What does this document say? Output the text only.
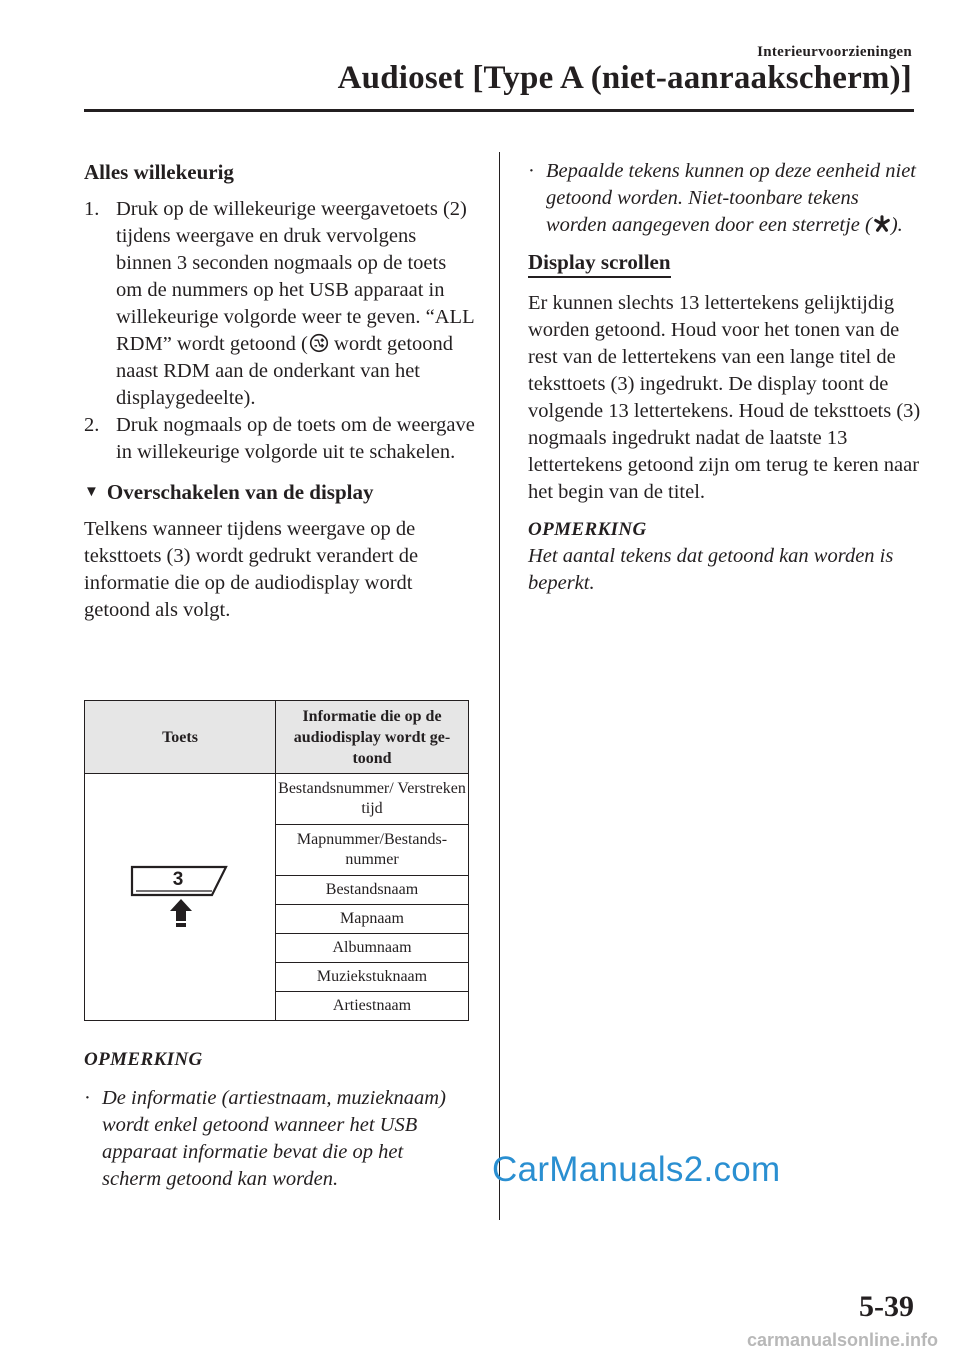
Interieurvoorzieningen
Audioset [Type A (niet-aanraakscherm)]

Alles willekeurig

1. Druk op de willekeurige weergavetoets (2) tijdens weergave en druk vervolgens binnen 3 seconden nogmaals op de toets om de nummers op het USB apparaat in willekeurige volgorde weer te geven. “ALL RDM” wordt getoond ( wordt getoond naast RDM aan de onderkant van het displaygedeelte).
2. Druk nogmaals op de toets om de weergave in willekeurige volgorde uit te schakelen.
▼ Overschakelen van de display

Telkens wanneer tijdens weergave op de teksttoets (3) wordt gedrukt verandert de informatie die op de audiodisplay wordt getoond als volgt.

Toets	Informatie die op de audiodisplay wordt ge-toond

3	Bestandsnummer/ Verstreken tijd
	Mapnummer/Bestands-nummer
	Bestandsnaam
	Mapnaam
	Albumnaam
	Muziekstuknaam
	Artiestnaam
OPMERKING
· De informatie (artiestnaam, muzieknaam) wordt enkel getoond wanneer het USB apparaat informatie bevat die op het scherm getoond kan worden.
· Bepaalde tekens kunnen op deze eenheid niet getoond worden. Niet-toonbare tekens worden aangegeven door een sterretje ( ).
Display scrollen

Er kunnen slechts 13 lettertekens gelijktijdig worden getoond. Houd voor het tonen van de rest van de lettertekens van een lange titel de teksttoets (3) ingedrukt. De display toont de volgende 13 lettertekens. Houd de teksttoets (3) nogmaals ingedrukt nadat de laatste 13 lettertekens getoond zijn om terug te keren naar het begin van de titel.

OPMERKING
Het aantal tekens dat getoond kan worden is beperkt.
CarManuals2.com
5-39
carmanualsonline.info
